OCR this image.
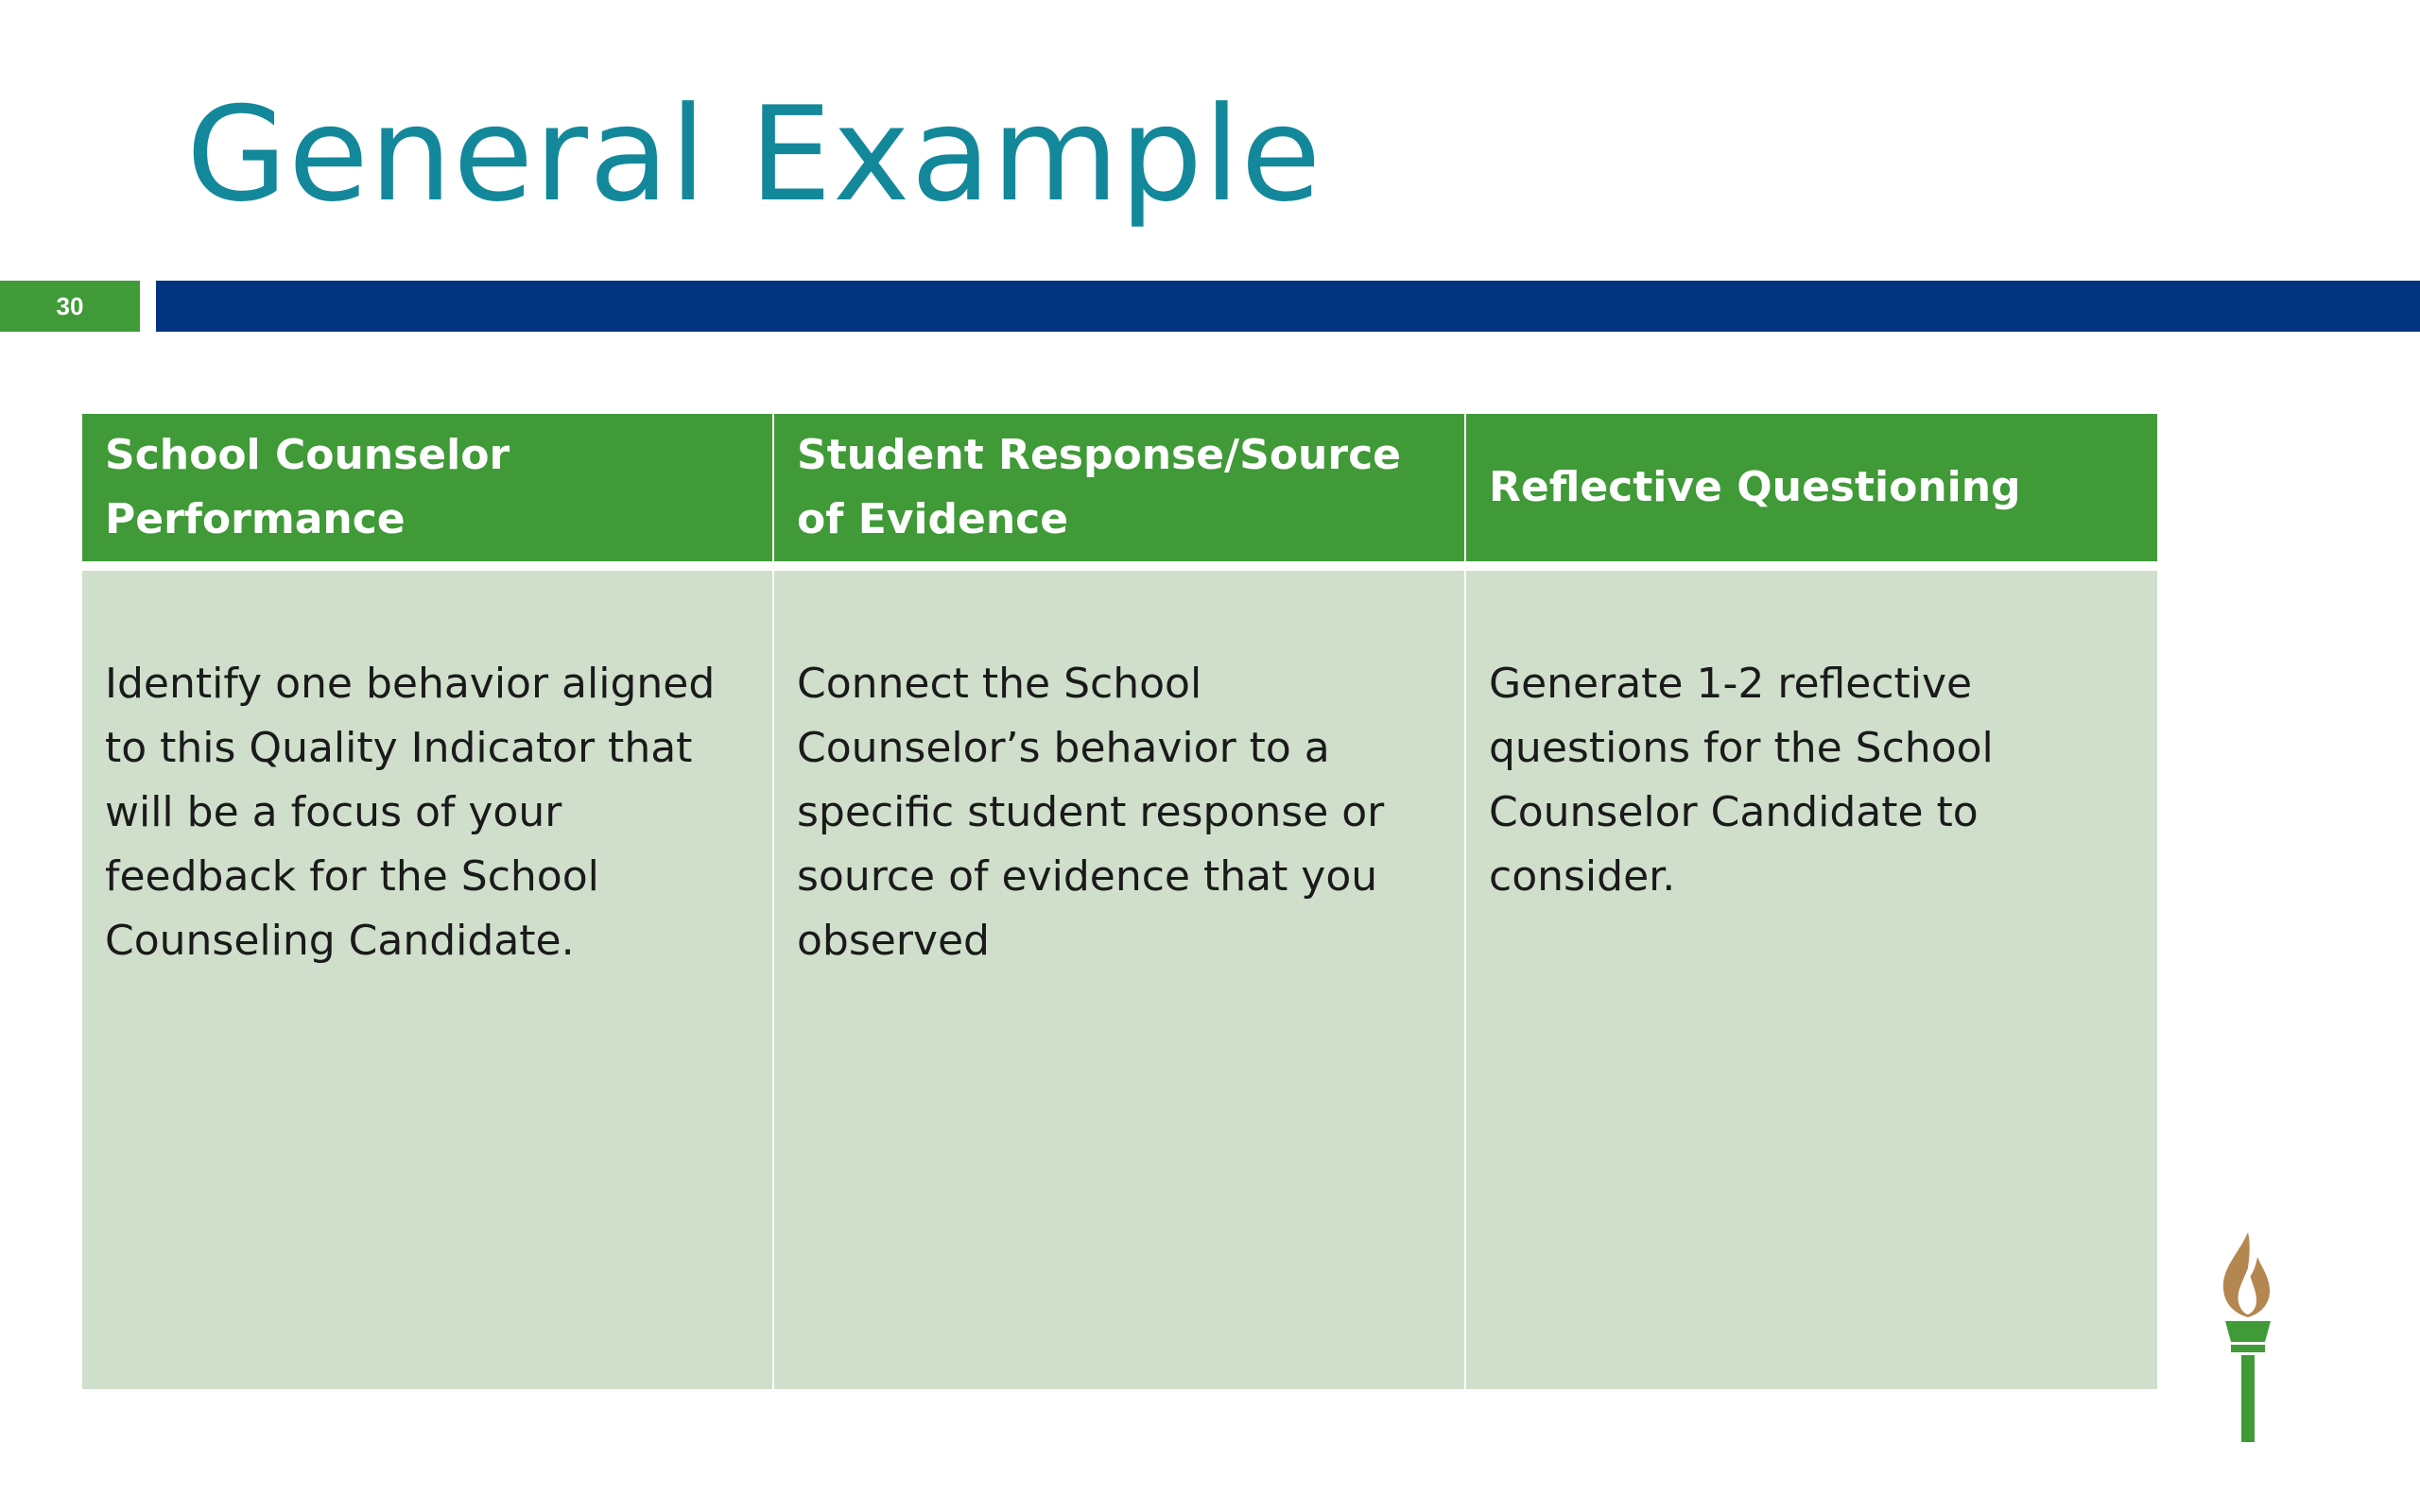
General Example
30
School Counselor Performance
Student Response/Source of Evidence
Reflective Questioning
Identify one behavior aligned to this Quality Indicator that will be a focus of your feedback for the School Counseling Candidate.
Connect the School Counselor’s behavior to a specific student response or source of evidence that you observed
Generate 1-2 reflective questions for the School Counselor Candidate to consider.
